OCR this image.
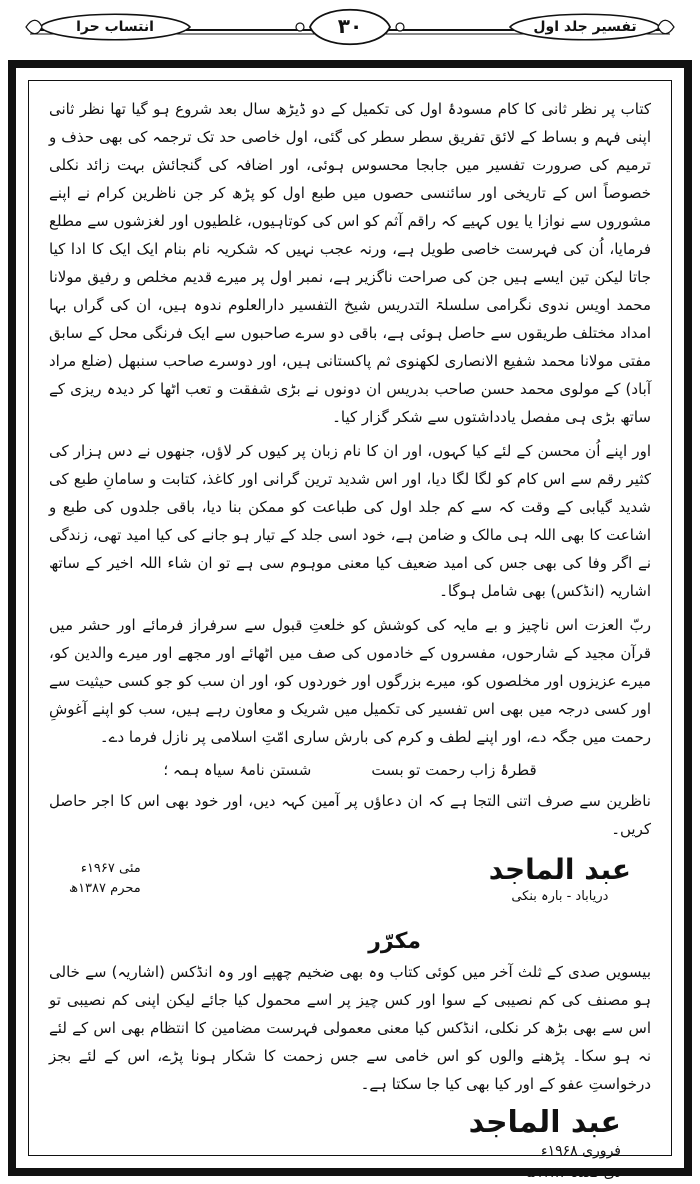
انتساب حرا	۳۰	تفسیر جلد اول

کتاب پر نظر ثانی کا کام مسودۂ اول کی تکمیل کے دو ڈیڑھ سال بعد شروع ہو گیا تھا نظر ثانی اپنی فہم و بساط کے لائق تفریق سطر سطر کی گئی، اول خاصی حد تک ترجمہ کی بھی حذف و ترمیم کی صرورت تفسیر میں جابجا محسوس ہوئی، اور اضافہ کی گنجائش بہت زائد نکلی خصوصاً اس کے تاریخی اور سائنسی حصوں میں طبع اول کو پڑھ کر جن ناظرین کرام نے اپنے مشوروں سے نوازا یا یوں کہیے کہ راقم آثم کو اس کی کوتاہیوں، غلطیوں اور لغزشوں سے مطلع فرمایا، اُن کی فہرست خاصی طویل ہے، ورنہ عجب نہیں کہ شکریہ نام بنام ایک ایک کا ادا کیا جاتا لیکن تین ایسے ہیں جن کی صراحت ناگزیر ہے، نمبر اول پر میرے قدیم مخلص و رفیق مولانا محمد اویس ندوی نگرامی سلسلۃ التدریس شیخ التفسیر دارالعلوم ندوہ ہیں، ان کی گراں بہا امداد مختلف طریقوں سے حاصل ہوئی ہے، باقی دو سرے صاحبوں سے ایک فرنگی محل کے سابق مفتی مولانا محمد شفیع الانصاری لکھنوی ثم پاکستانی ہیں، اور دوسرے صاحب سنبھل (ضلع مراد آباد) کے مولوی محمد حسن صاحب بدریس ان دونوں نے بڑی شفقت و تعب اٹھا کر دیدہ ریزی کے ساتھ بڑی ہی مفصل یادداشتوں سے شکر گزار کیا۔

اور اپنے اُن محسن کے لئے کیا کہوں، اور ان کا نام زبان پر کیوں کر لاؤں، جنھوں نے دس ہزار کی کثیر رقم سے اس کام کو لگا لگا دیا، اور اس شدید ترین گرانی اور کاغذ، کتابت و سامانِ طبع کی شدید گیابی کے وقت کہ سے کم جلد اول کی طباعت کو ممکن بنا دیا، باقی جلدوں کی طبع و اشاعت کا بھی اللہ ہی مالک و ضامن ہے، خود اسی جلد کے تیار ہو جانے کی کیا امید تھی، زندگی نے اگر وفا کی بھی جس کی امید ضعیف کیا معنی موہوم سی ہے تو ان شاء اللہ اخیر کے ساتھ اشاریہ (انڈکس) بھی شامل ہوگا۔

ربّ العزت اس ناچیز و بے مایہ کی کوشش کو خلعتِ قبول سے سرفراز فرمائے اور حشر میں قرآن مجید کے شارحوں، مفسروں کے خادموں کی صف میں اٹھائے اور مجھے اور میرے والدین کو، میرے عزیزوں اور مخلصوں کو، میرے بزرگوں اور خوردوں کو، اور ان سب کو جو کسی حیثیت سے اور کسی درجہ میں بھی اس تفسیر کی تکمیل میں شریک و معاون رہے ہیں، سب کو اپنے آغوشِ رحمت میں جگہ دے، اور اپنے لطف و کرم کی بارش ساری امّتِ اسلامی پر نازل فرما دے۔

قطرۂ زاب رحمت تو بست
شستن نامۂ سیاہ ہمہ ؛

ناظرین سے صرف اتنی التجا ہے کہ ان دعاؤں پر آمین کہہ دیں، اور خود بھی اس کا اجر حاصل کریں۔

عبد الماجد
دریاباد - بارہ بنکی
مئی ۱۹۶۷ء
محرم ۱۳۸۷ھ
مکرّر

بیسویں صدی کے ثلث آخر میں کوئی کتاب وہ بھی ضخیم چھپے اور وہ انڈکس (اشاریہ) سے خالی ہو مصنف کی کم نصیبی کے سوا اور کس چیز پر اسے محمول کیا جائے لیکن اپنی کم نصیبی تو اس سے بھی بڑھ کر نکلی، انڈکس کیا معنی معمولی فہرست مضامین کا انتظام بھی اس کے لئے نہ ہو سکا۔ پڑھنے والوں کو اس خامی سے جس زحمت کا شکار ہونا پڑے، اس کے لئے بجز درخواستِ عفو کے اور کیا بھی کیا جا سکتا ہے۔

عبد الماجد
فروری ۱۹۶۸ء
ذی قعدہ ۱۳۸۷ھ
